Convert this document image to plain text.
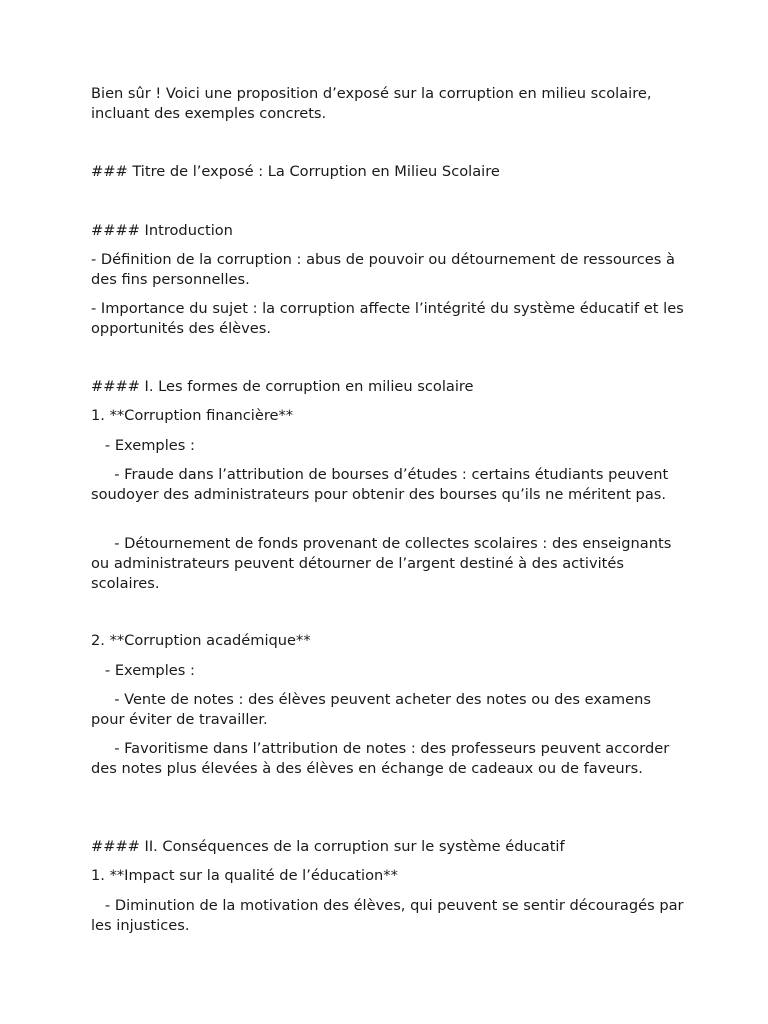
Bien sûr ! Voici une proposition d’exposé sur la corruption en milieu scolaire, incluant des exemples concrets.

### Titre de l’exposé : La Corruption en Milieu Scolaire

#### Introduction

- Définition de la corruption : abus de pouvoir ou détournement de ressources à des fins personnelles.

- Importance du sujet : la corruption affecte l’intégrité du système éducatif et les opportunités des élèves.

#### I. Les formes de corruption en milieu scolaire

1. **Corruption financière**

- Exemples :

- Fraude dans l’attribution de bourses d’études : certains étudiants peuvent soudoyer des administrateurs pour obtenir des bourses qu’ils ne méritent pas.

- Détournement de fonds provenant de collectes scolaires : des enseignants ou administrateurs peuvent détourner de l’argent destiné à des activités scolaires.

2. **Corruption académique**

- Exemples :

- Vente de notes : des élèves peuvent acheter des notes ou des examens pour éviter de travailler.

- Favoritisme dans l’attribution de notes : des professeurs peuvent accorder des notes plus élevées à des élèves en échange de cadeaux ou de faveurs.

#### II. Conséquences de la corruption sur le système éducatif

1. **Impact sur la qualité de l’éducation**

- Diminution de la motivation des élèves, qui peuvent se sentir découragés par les injustices.
